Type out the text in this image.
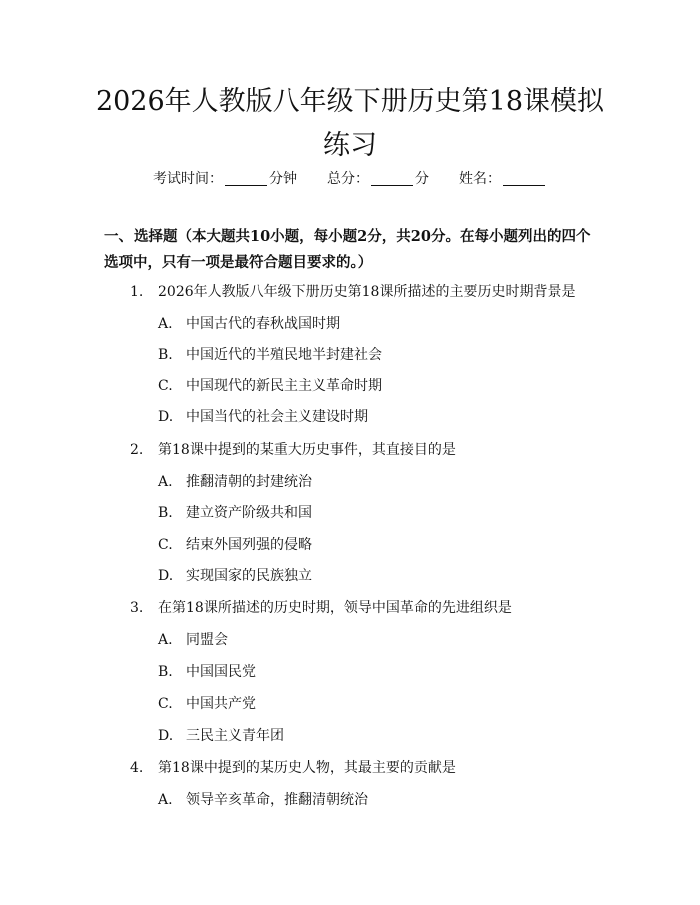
2026年人教版八年级下册历史第18课模拟
练习
考试时间：	分钟 总分：	分 姓名：
一、选择题（本大题共10小题，每小题2分，共20分。在每小题列出的四个选项中，只有一项是最符合题目要求的。）
1. 2026年人教版八年级下册历史第18课所描述的主要历史时期背景是
A. 中国古代的春秋战国时期
B. 中国近代的半殖民地半封建社会
C. 中国现代的新民主主义革命时期
D. 中国当代的社会主义建设时期
2. 第18课中提到的某重大历史事件，其直接目的是
A. 推翻清朝的封建统治
B. 建立资产阶级共和国
C. 结束外国列强的侵略
D. 实现国家的民族独立
3. 在第18课所描述的历史时期，领导中国革命的先进组织是
A. 同盟会
B. 中国国民党
C. 中国共产党
D. 三民主义青年团
4. 第18课中提到的某历史人物，其最主要的贡献是
A. 领导辛亥革命，推翻清朝统治
